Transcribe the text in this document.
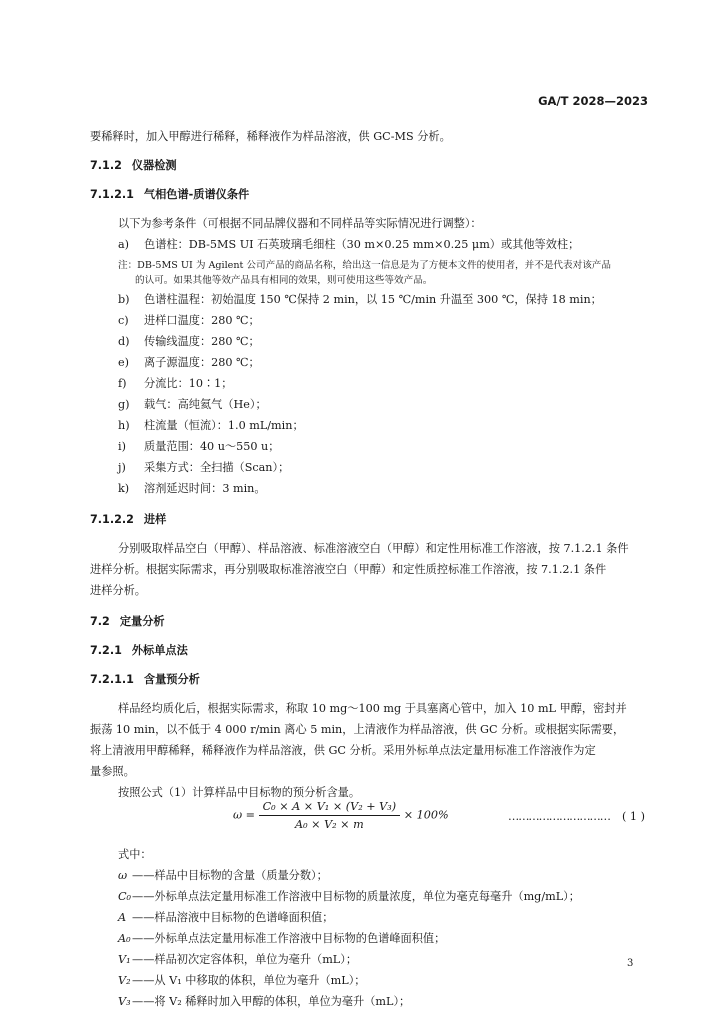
GA/T 2028—2023
要稀释时，加入甲醇进行稀释，稀释液作为样品溶液，供 GC-MS 分析。
7.1.2 仪器检测
7.1.2.1 气相色谱-质谱仪条件
以下为参考条件（可根据不同品牌仪器和不同样品等实际情况进行调整）：
a) 色谱柱：DB-5MS UI 石英玻璃毛细柱（30 m×0.25 mm×0.25 μm）或其他等效柱；
注：DB-5MS UI 为 Agilent 公司产品的商品名称，给出这一信息是为了方便本文件的使用者，并不是代表对该产品
的认可。如果其他等效产品具有相同的效果，则可使用这些等效产品。
b) 色谱柱温程：初始温度 150 ℃保持 2 min，以 15 ℃/min 升温至 300 ℃，保持 18 min；
c) 进样口温度：280 ℃；
d) 传输线温度：280 ℃；
e) 离子源温度：280 ℃；
f) 分流比：10∶1；
g) 载气：高纯氦气（He）；
h) 柱流量（恒流）：1.0 mL/min；
i) 质量范围：40 u～550 u；
j) 采集方式：全扫描（Scan）；
k) 溶剂延迟时间：3 min。
7.1.2.2 进样
分别吸取样品空白（甲醇）、样品溶液、标准溶液空白（甲醇）和定性用标准工作溶液，按 7.1.2.1 条件
进样分析。根据实际需求，再分别吸取标准溶液空白（甲醇）和定性质控标准工作溶液，按 7.1.2.1 条件
进样分析。
7.2 定量分析
7.2.1 外标单点法
7.2.1.1 含量预分析
样品经均质化后，根据实际需求，称取 10 mg～100 mg 于具塞离心管中，加入 10 mL 甲醇，密封并
振荡 10 min，以不低于 4 000 r/min 离心 5 min，上清液作为样品溶液，供 GC 分析。或根据实际需要，
将上清液用甲醇稀释，稀释液作为样品溶液，供 GC 分析。采用外标单点法定量用标准工作溶液作为定
量参照。
按照公式（1）计算样品中目标物的预分析含量。
$\omega = \frac{\text{C₀ × A × V₁ × (V₂ + V₃)}}{\text{A₀ × V₂ × m}} \times 100\%$	………………………… ( 1 )
式中：
ω ——样品中目标物的含量（质量分数）；
C₀——外标单点法定量用标准工作溶液中目标物的质量浓度，单位为毫克每毫升（mg/mL）；
A ——样品溶液中目标物的色谱峰面积值；
A₀——外标单点法定量用标准工作溶液中目标物的色谱峰面积值；
V₁——样品初次定容体积，单位为毫升（mL）；
V₂——从 V₁ 中移取的体积，单位为毫升（mL）；
V₃——将 V₂ 稀释时加入甲醇的体积，单位为毫升（mL）；
3
